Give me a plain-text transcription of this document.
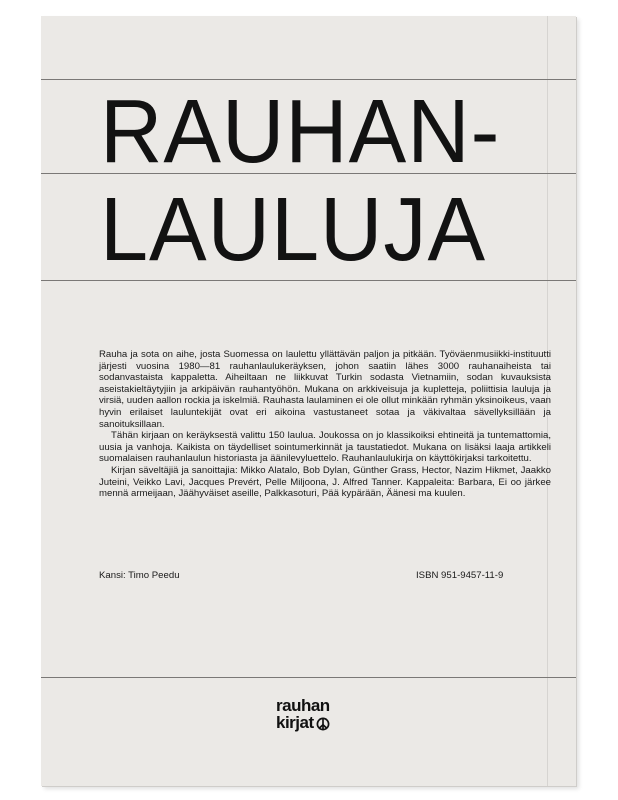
RAUHAN-
LAULUJA

Rauha ja sota on aihe, josta Suomessa on laulettu yllättävän paljon ja pitkään. Työväenmusiikki-instituutti järjesti vuosina 1980—81 rauhanlaulukeräyksen, johon saatiin lähes 3000 rauhanaiheista tai sodanvastaista kappaletta. Aiheiltaan ne liikkuvat Turkin sodasta Vietnamiin, sodan kuvauksista aseistakieltäytyjiin ja arkipäivän rauhantyöhön. Mukana on arkkiveisuja ja kupletteja, poliittisia lauluja ja virsiä, uuden aallon rockia ja iskelmiä. Rauhasta laulaminen ei ole ollut minkään ryhmän yksinoikeus, vaan hyvin erilaiset lauluntekijät ovat eri aikoina vastustaneet sotaa ja väkivaltaa sävellyksillään ja sanoituksillaan.

Tähän kirjaan on keräyksestä valittu 150 laulua. Joukossa on jo klassikoiksi ehtineitä ja tuntemattomia, uusia ja vanhoja. Kaikista on täydelliset sointumerkinnät ja taustatiedot. Mukana on lisäksi laaja artikkeli suomalaisen rauhanlaulun historiasta ja äänilevyluettelo. Rauhanlaulukirja on käyttökirjaksi tarkoitettu.

Kirjan säveltäjiä ja sanoittajia: Mikko Alatalo, Bob Dylan, Günther Grass, Hector, Nazim Hikmet, Jaakko Juteini, Veikko Lavi, Jacques Prevért, Pelle Miljoona, J. Alfred Tanner. Kappaleita: Barbara, Ei oo järkee mennä armeijaan, Jäähyväiset aseille, Palkkasoturi, Pää kypärään, Äänesi ma kuulen.

Kansi: Timo Peedu	ISBN 951-9457-11-9
rauhan
kirjat
